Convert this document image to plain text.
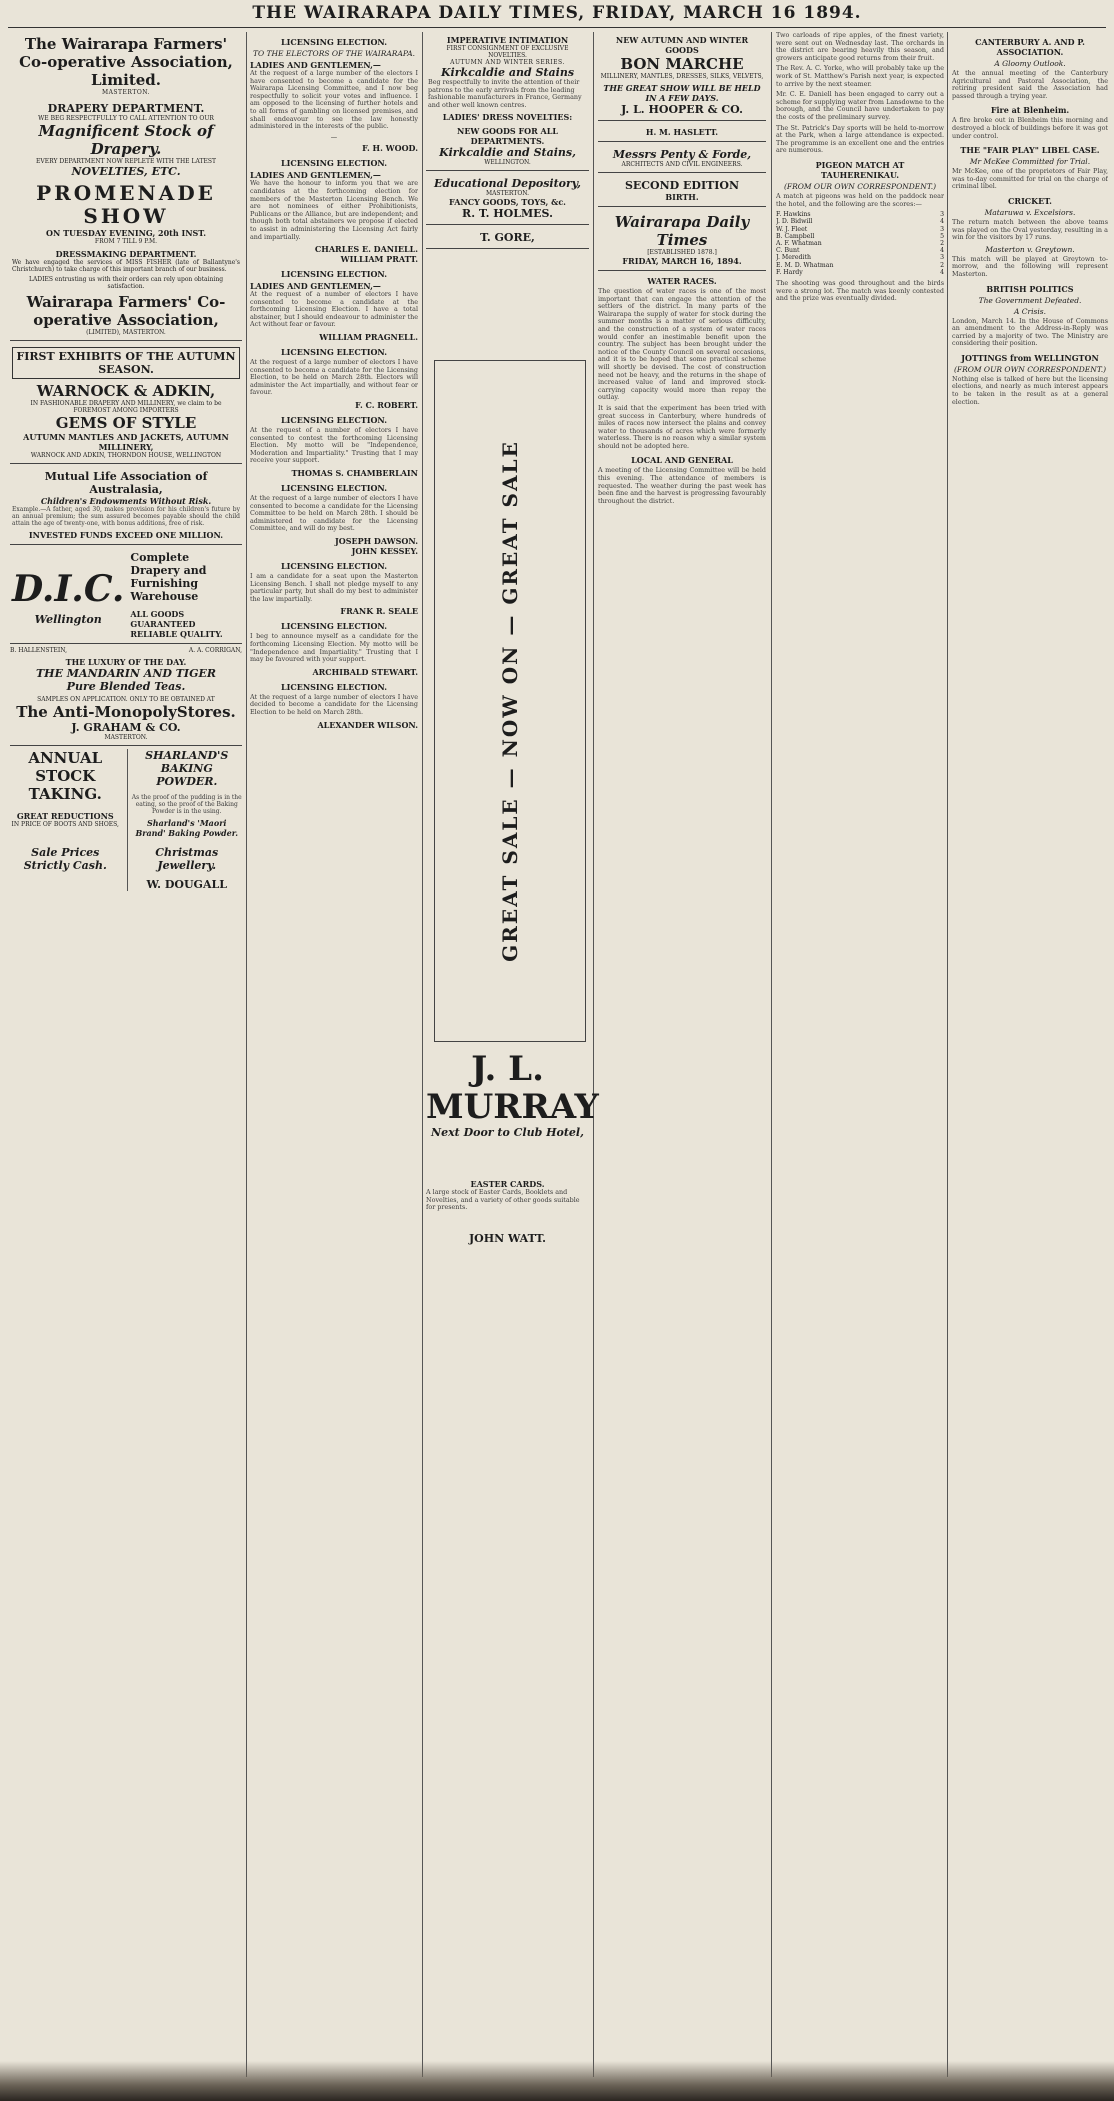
THE WAIRARAPA DAILY TIMES, FRIDAY, MARCH 16 1894.
The Wairarapa Farmers' Co-operative Association, Limited.
MASTERTON.
DRAPERY DEPARTMENT.
WE BEG RESPECTFULLY TO CALL ATTENTION TO OUR
Magnificent Stock of Drapery.
EVERY DEPARTMENT NOW REPLETE WITH THE LATEST
NOVELTIES, ETC.
PROMENADE SHOW
ON TUESDAY EVENING, 20th INST.
FROM 7 TILL 9 P.M.
DRESSMAKING DEPARTMENT.

We have engaged the services of MISS FISHER (late of Ballantyne's Christchurch) to take charge of this important branch of our business.

LADIES entrusting us with their orders can rely upon obtaining satisfaction.

Wairarapa Farmers' Co-operative Association,
(LIMITED), MASTERTON.
FIRST EXHIBITS OF THE AUTUMN SEASON.
WARNOCK & ADKIN,
IN FASHIONABLE DRAPERY AND MILLINERY, we claim to be FOREMOST AMONG IMPORTERS
GEMS OF STYLE
AUTUMN MANTLES AND JACKETS, AUTUMN MILLINERY,
WARNOCK AND ADKIN, THORNDON HOUSE, WELLINGTON
Mutual Life Association of Australasia,
Children's Endowments Without Risk.

Example.—A father, aged 30, makes provision for his children's future by an annual premium; the sum assured becomes payable should the child attain the age of twenty-one, with bonus additions, free of risk.

INVESTED FUNDS EXCEED ONE MILLION.
D.I.C.
Wellington
Complete Drapery and Furnishing Warehouse
ALL GOODS GUARANTEED RELIABLE QUALITY.
B. HALLENSTEIN,	A. A. CORRIGAN,
THE LUXURY OF THE DAY.
THE MANDARIN AND TIGER
Pure Blended Teas.
SAMPLES ON APPLICATION. ONLY TO BE OBTAINED AT
The Anti-MonopolyStores.
J. GRAHAM & CO.
MASTERTON.
ANNUAL STOCK TAKING.
GREAT REDUCTIONS
IN PRICE OF BOOTS AND SHOES,
Sale Prices Strictly Cash.
SHARLAND'S BAKING POWDER.

As the proof of the pudding is in the eating, so the proof of the Baking Powder is in the using.

Sharland's 'Maori Brand' Baking Powder.
Christmas Jewellery.
W. DOUGALL
LICENSING ELECTION.
TO THE ELECTORS OF THE WAIRARAPA.
LADIES AND GENTLEMEN,—

At the request of a large number of the electors I have consented to become a candidate for the Wairarapa Licensing Committee, and I now beg respectfully to solicit your votes and influence. I am opposed to the licensing of further hotels and to all forms of gambling on licensed premises, and shall endeavour to see the law honestly administered in the interests of the public.

—
F. H. WOOD.
LICENSING ELECTION.
LADIES AND GENTLEMEN,—

We have the honour to inform you that we are candidates at the forthcoming election for members of the Masterton Licensing Bench. We are not nominees of either Prohibitionists, Publicans or the Alliance, but are independent; and though both total abstainers we propose if elected to assist in administering the Licensing Act fairly and impartially.

CHARLES E. DANIELL.
WILLIAM PRATT.
LICENSING ELECTION.
LADIES AND GENTLEMEN,—

At the request of a number of electors I have consented to become a candidate at the forthcoming Licensing Election. I have a total abstainer, but I should endeavour to administer the Act without fear or favour.

WILLIAM PRAGNELL.
LICENSING ELECTION.

At the request of a large number of electors I have consented to become a candidate for the Licensing Election, to be held on March 28th. Electors will administer the Act impartially, and without fear or favour.

F. C. ROBERT.
LICENSING ELECTION.

At the request of a number of electors I have consented to contest the forthcoming Licensing Election. My motto will be "Independence, Moderation and Impartiality." Trusting that I may receive your support.

THOMAS S. CHAMBERLAIN
LICENSING ELECTION.

At the request of a large number of electors I have consented to become a candidate for the Licensing Committee to be held on March 28th. I should be administered to candidate for the Licensing Committee, and will do my best.

JOSEPH DAWSON.
JOHN KESSEY.
LICENSING ELECTION.

I am a candidate for a seat upon the Masterton Licensing Bench. I shall not pledge myself to any particular party, but shall do my best to administer the law impartially.

FRANK R. SEALE
LICENSING ELECTION.

I beg to announce myself as a candidate for the forthcoming Licensing Election. My motto will be "Independence and Impartiality." Trusting that I may be favoured with your support.

ARCHIBALD STEWART.
LICENSING ELECTION.

At the request of a large number of electors I have decided to become a candidate for the Licensing Election to be held on March 28th.

ALEXANDER WILSON.
IMPERATIVE INTIMATION
FIRST CONSIGNMENT OF EXCLUSIVE NOVELTIES.
AUTUMN AND WINTER SERIES.
Kirkcaldie and Stains

Beg respectfully to invite the attention of their patrons to the early arrivals from the leading fashionable manufacturers in France, Germany and other well known centres.

LADIES' DRESS NOVELTIES:
NEW GOODS FOR ALL DEPARTMENTS.
Kirkcaldie and Stains,
WELLINGTON.
Educational Depository,
MASTERTON.
FANCY GOODS, TOYS, &c.
R. T. HOLMES.
T. GORE,
GREAT SALE — NOW ON — GREAT SALE
J. L. MURRAY
Next Door to Club Hotel,
EASTER CARDS.

A large stock of Easter Cards, Booklets and Novelties, and a variety of other goods suitable for presents.

JOHN WATT.
NEW AUTUMN AND WINTER GOODS
BON MARCHE
MILLINERY, MANTLES, DRESSES, SILKS, VELVETS,
THE GREAT SHOW WILL BE HELD IN A FEW DAYS.
J. L. HOOPER & CO.
H. M. HASLETT.
Messrs Penty & Forde,
ARCHITECTS AND CIVIL ENGINEERS.
SECOND EDITION
BIRTH.
Wairarapa Daily Times
[ESTABLISHED 1878.]
FRIDAY, MARCH 16, 1894.
WATER RACES.

The question of water races is one of the most important that can engage the attention of the settlers of the district. In many parts of the Wairarapa the supply of water for stock during the summer months is a matter of serious difficulty, and the construction of a system of water races would confer an inestimable benefit upon the country. The subject has been brought under the notice of the County Council on several occasions, and it is to be hoped that some practical scheme will shortly be devised. The cost of construction need not be heavy, and the returns in the shape of increased value of land and improved stock-carrying capacity would more than repay the outlay.

It is said that the experiment has been tried with great success in Canterbury, where hundreds of miles of races now intersect the plains and convey water to thousands of acres which were formerly waterless. There is no reason why a similar system should not be adopted here.

LOCAL AND GENERAL

A meeting of the Licensing Committee will be held this evening. The attendance of members is requested. The weather during the past week has been fine and the harvest is progressing favourably throughout the district.

Two carloads of ripe apples, of the finest variety, were sent out on Wednesday last. The orchards in the district are bearing heavily this season, and growers anticipate good returns from their fruit.

The Rev. A. C. Yorke, who will probably take up the work of St. Matthew's Parish next year, is expected to arrive by the next steamer.

Mr. C. E. Daniell has been engaged to carry out a scheme for supplying water from Lansdowne to the borough, and the Council have undertaken to pay the costs of the preliminary survey.

The St. Patrick's Day sports will be held to-morrow at the Park, when a large attendance is expected. The programme is an excellent one and the entries are numerous.

PIGEON MATCH AT TAUHERENIKAU.
(FROM OUR OWN CORRESPONDENT.)

A match at pigeons was held on the paddock near the hotel, and the following are the scores:—

F. Hawkins	3
J. D. Bidwill	4
W. J. Fleet	3
B. Campbell	5
A. F. Whatman	2
C. Bunt	4
J. Meredith	3
E. M. D. Whatman	2
F. Hardy	4

The shooting was good throughout and the birds were a strong lot. The match was keenly contested and the prize was eventually divided.

CANTERBURY A. AND P. ASSOCIATION.
A Gloomy Outlook.

At the annual meeting of the Canterbury Agricultural and Pastoral Association, the retiring president said the Association had passed through a trying year.

Fire at Blenheim.

A fire broke out in Blenheim this morning and destroyed a block of buildings before it was got under control.

THE "FAIR PLAY" LIBEL CASE.
Mr McKee Committed for Trial.

Mr McKee, one of the proprietors of Fair Play, was to-day committed for trial on the charge of criminal libel.

CRICKET.
Mataruwa v. Excelsiors.

The return match between the above teams was played on the Oval yesterday, resulting in a win for the visitors by 17 runs.

Masterton v. Greytown.

This match will be played at Greytown to-morrow, and the following will represent Masterton.

BRITISH POLITICS
The Government Defeated.
A Crisis.

London, March 14. In the House of Commons an amendment to the Address-in-Reply was carried by a majority of two. The Ministry are considering their position.

JOTTINGS from WELLINGTON
(FROM OUR OWN CORRESPONDENT.)

Nothing else is talked of here but the licensing elections, and nearly as much interest appears to be taken in the result as at a general election.
